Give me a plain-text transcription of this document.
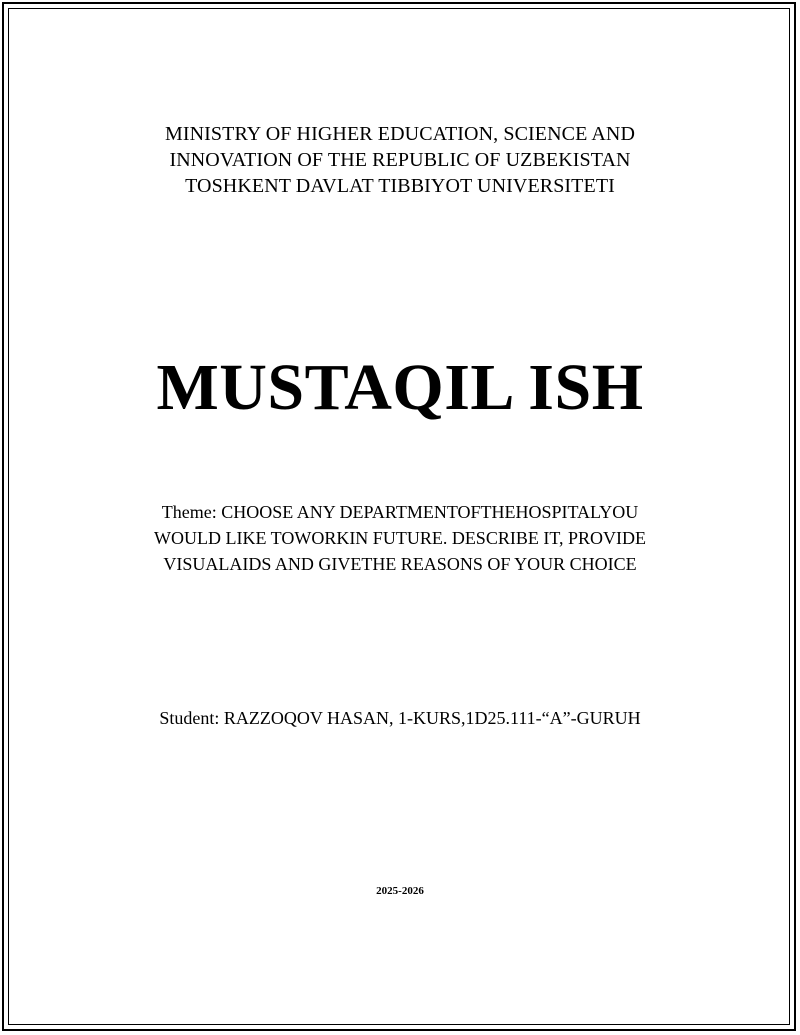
MINISTRY OF HIGHER EDUCATION, SCIENCE AND
INNOVATION OF THE REPUBLIC OF UZBEKISTAN
TOSHKENT DAVLAT TIBBIYOT UNIVERSITETI
MUSTAQIL ISH
Theme: CHOOSE ANY DEPARTMENTOFTHEHOSPITALYOU
WOULD LIKE TOWORKIN FUTURE. DESCRIBE IT, PROVIDE
VISUALAIDS AND GIVETHE REASONS OF YOUR CHOICE
Student: RAZZOQOV HASAN, 1-KURS,1D25.111-“A”-GURUH
2025-2026
